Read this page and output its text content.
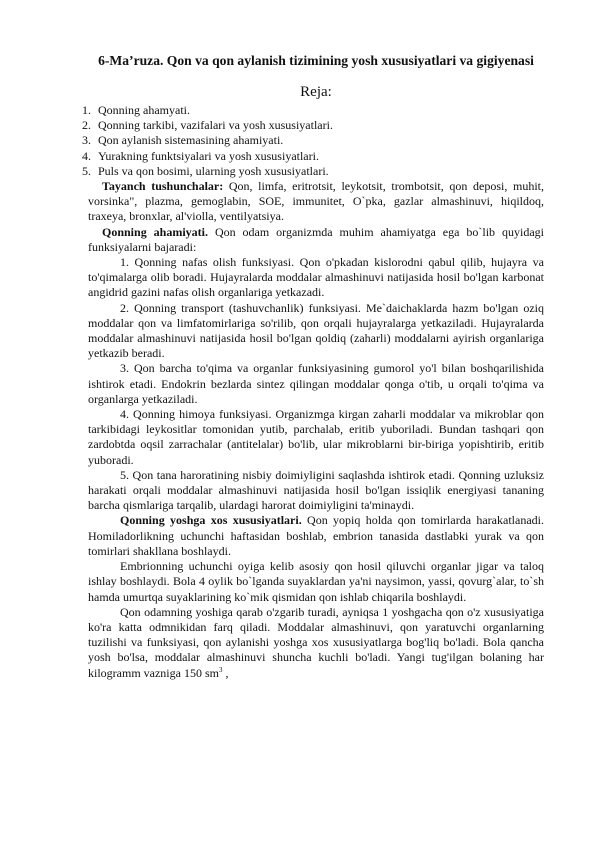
6-Ma’ruza. Qon va qon aylanish tizimining yosh xususiyatlari va gigiyenasi
Reja:
1. Qonning ahamyati.
2. Qonning tarkibi, vazifalari va yosh xususiyatlari.
3. Qon aylanish sistemasining ahamiyati.
4. Yurakning funktsiyalari va yosh xususiyatlari.
5. Puls va qon bosimi, ularning yosh xususiyatlari.

Tayanch tushunchalar: Qon, limfa, eritrotsit, leykotsit, trombotsit, qon deposi, muhit, vorsinka", plazma, gemoglabin, SOE, immunitet, O`pka, gazlar almashinuvi, hiqildoq, traxeya, bronxlar, al'violla, ventilyatsiya.

Qonning ahamiyati. Qon odam organizmda muhim ahamiyatga ega bo`lib quyidagi funksiyalarni bajaradi:

1. Qonning nafas olish funksiyasi. Qon o'pkadan kislorodni qabul qilib, hujayra va to'qimalarga olib boradi. Hujayralarda moddalar almashinuvi natijasida hosil bo'lgan karbonat angidrid gazini nafas olish organlariga yetkazadi.

2. Qonning transport (tashuvchanlik) funksiyasi. Me`daichaklarda hazm bo'lgan oziq moddalar qon va limfatomirlariga so'rilib, qon orqali hujayralarga yetkaziladi. Hujayralarda moddalar almashinuvi natijasida hosil bo'lgan qoldiq (zaharli) moddalarni ayirish organlariga yetkazib beradi.

3. Qon barcha to'qima va organlar funksiyasining gumorol yo'l bilan boshqarilishida ishtirok etadi. Endokrin bezlarda sintez qilingan moddalar qonga o'tib, u orqali to'qima va organlarga yetkaziladi.

4. Qonning himoya funksiyasi. Organizmga kirgan zaharli moddalar va mikroblar qon tarkibidagi leykositlar tomonidan yutib, parchalab, eritib yuboriladi. Bundan tashqari qon zardobtda oqsil zarrachalar (antitelalar) bo'lib, ular mikroblarni bir-biriga yopishtirib, eritib yuboradi.

5. Qon tana haroratining nisbiy doimiyligini saqlashda ishtirok etadi. Qonning uzluksiz harakati orqali moddalar almashinuvi natijasida hosil bo'lgan issiqlik energiyasi tananing barcha qismlariga tarqalib, ulardagi harorat doimiyligini ta'minaydi.

Qonning yoshga xos xususiyatlari. Qon yopiq holda qon tomirlarda harakatlanadi. Homiladorlikning uchunchi haftasidan boshlab, embrion tanasida dastlabki yurak va qon tomirlari shakllana boshlaydi.

Embrionning uchunchi oyiga kelib asosiy qon hosil qiluvchi organlar jigar va taloq ishlay boshlaydi. Bola 4 oylik bo`lganda suyaklardan ya'ni naysimon, yassi, qovurg`alar, to`sh hamda umurtqa suyaklarining ko`mik qismidan qon ishlab chiqarila boshlaydi.

Qon odamning yoshiga qarab o'zgarib turadi, ayniqsa 1 yoshgacha qon o'z xususiyatiga ko'ra katta odmnikidan farq qiladi. Moddalar almashinuvi, qon yaratuvchi organlarning tuzilishi va funksiyasi, qon aylanishi yoshga xos xususiyatlarga bog'liq bo'ladi. Bola qancha yosh bo'lsa, moddalar almashinuvi shuncha kuchli bo'ladi. Yangi tug'ilgan bolaning har kilogramm vazniga 150 $sm^3$ ,
